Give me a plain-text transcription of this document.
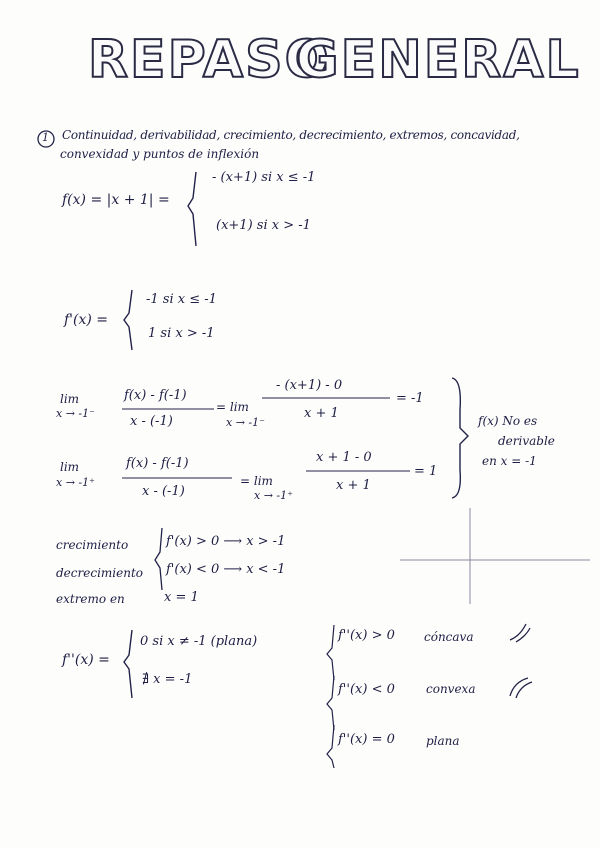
REPASO
GENERAL
1 Continuidad, derivabilidad, crecimiento, decrecimiento, extremos, concavidad,
convexidad y puntos de inflexión
f(x) = |x + 1| =
- (x+1) si x ≤ -1
(x+1) si x > -1
f'(x) =
-1 si x ≤ -1
1 si x > -1
lim
x → -1⁻
f(x) - f(-1)
x - (-1)
= lim
x → -1⁻
- (x+1) - 0
x + 1
= -1
lim
x → -1⁺
f(x) - f(-1)
x - (-1)
= lim
x → -1⁺
x + 1 - 0
x + 1
= 1
f(x) No es
derivable
en x = -1
crecimiento	f'(x) > 0 ⟶ x > -1
decrecimiento f'(x) < 0 ⟶ x < -1
extremo en	x = 1
f''(x) =
0 si x ≠ -1 (plana)
∄ x = -1
f''(x) > 0 cóncava
f''(x) < 0	convexa
f''(x) = 0	plana
